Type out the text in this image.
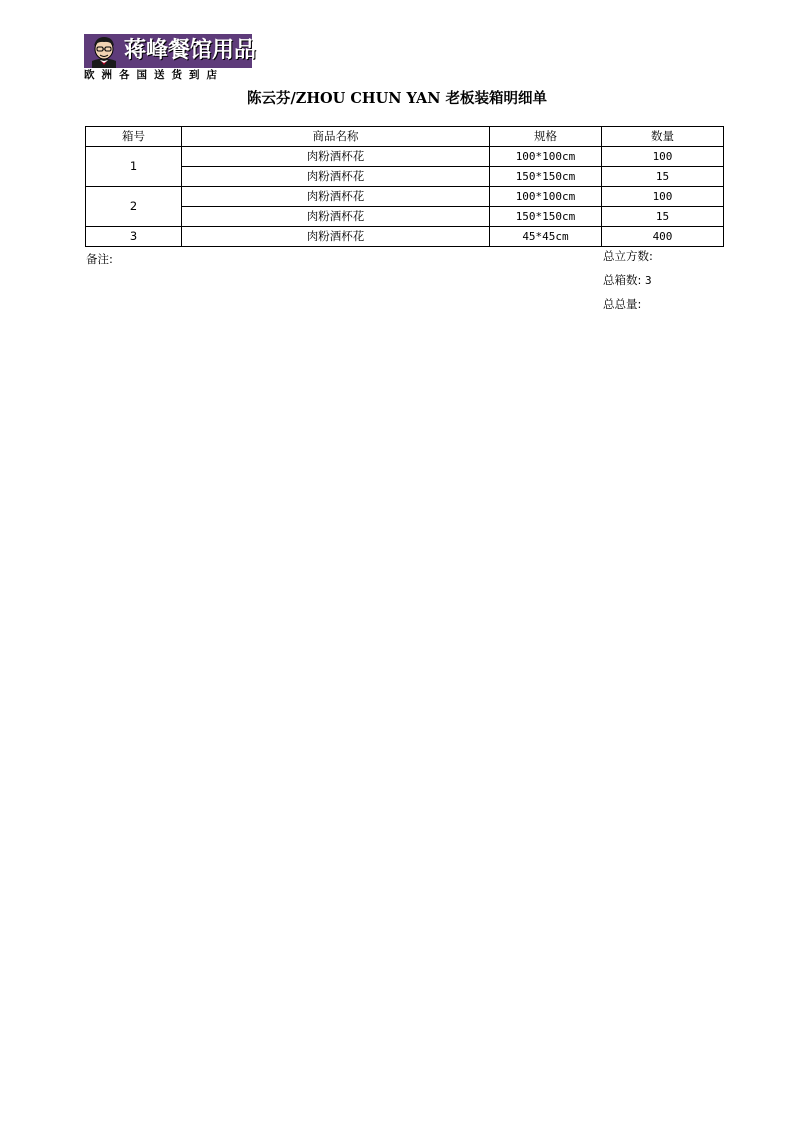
蒋峰餐馆用品
欧洲各国送货到店
陈云芬/ZHOU CHUN YAN 老板装箱明细单
箱号	商品名称	规格	数量
1	肉粉酒杯花	100*100cm	100
	肉粉酒杯花	150*150cm	15
2	肉粉酒杯花	100*100cm	100
	肉粉酒杯花	150*150cm	15
3	肉粉酒杯花	45*45cm	400
备注:	总立方数:
总箱数: 3
总总量:
